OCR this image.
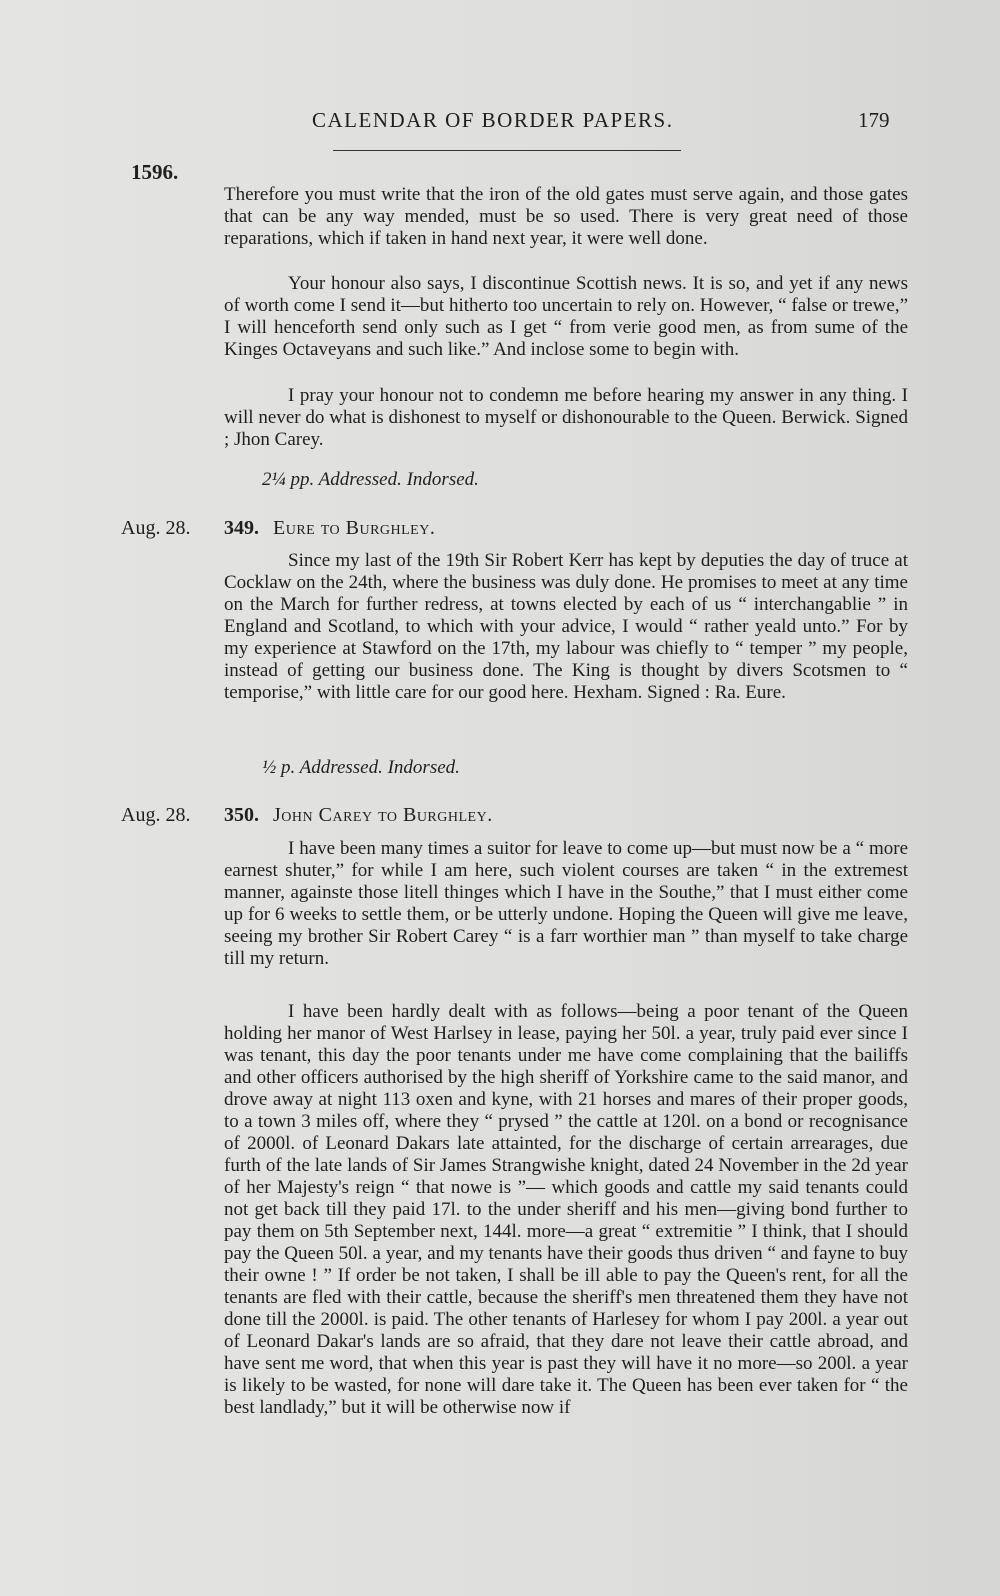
CALENDAR OF BORDER PAPERS.	179
1596.
Therefore you must write that the iron of the old gates must serve again, and those gates that can be any way mended, must be so used. There is very great need of those reparations, which if taken in hand next year, it were well done.
Your honour also says, I discontinue Scottish news. It is so, and yet if any news of worth come I send it—but hitherto too uncertain to rely on. However, “ false or trewe,” I will henceforth send only such as I get “ from verie good men, as from sume of the Kinges Octaveyans and such like.” And inclose some to begin with.
I pray your honour not to condemn me before hearing my answer in any thing. I will never do what is dishonest to myself or dishonourable to the Queen. Berwick. Signed ; Jhon Carey.
2¼ pp. Addressed. Indorsed.
Aug. 28. 349. Eure to Burghley.
Since my last of the 19th Sir Robert Kerr has kept by deputies the day of truce at Cocklaw on the 24th, where the business was duly done. He promises to meet at any time on the March for further redress, at towns elected by each of us “ interchangablie ” in England and Scotland, to which with your advice, I would “ rather yeald unto.” For by my experience at Stawford on the 17th, my labour was chiefly to “ temper ” my people, instead of getting our business done. The King is thought by divers Scotsmen to “ temporise,” with little care for our good here. Hexham. Signed : Ra. Eure.
½ p. Addressed. Indorsed.
Aug. 28. 350. John Carey to Burghley.
I have been many times a suitor for leave to come up—but must now be a “ more earnest shuter,” for while I am here, such violent courses are taken “ in the extremest manner, againste those litell thinges which I have in the Southe,” that I must either come up for 6 weeks to settle them, or be utterly undone. Hoping the Queen will give me leave, seeing my brother Sir Robert Carey “ is a farr worthier man ” than myself to take charge till my return.
I have been hardly dealt with as follows—being a poor tenant of the Queen holding her manor of West Harlsey in lease, paying her 50l. a year, truly paid ever since I was tenant, this day the poor tenants under me have come complaining that the bailiffs and other officers authorised by the high sheriff of Yorkshire came to the said manor, and drove away at night 113 oxen and kyne, with 21 horses and mares of their proper goods, to a town 3 miles off, where they “ prysed ” the cattle at 120l. on a bond or recognisance of 2000l. of Leonard Dakars late attainted, for the discharge of certain arrearages, due furth of the late lands of Sir James Strangwishe knight, dated 24 November in the 2d year of her Majesty's reign “ that nowe is ”— which goods and cattle my said tenants could not get back till they paid 17l. to the under sheriff and his men—giving bond further to pay them on 5th September next, 144l. more—a great “ extremitie ” I think, that I should pay the Queen 50l. a year, and my tenants have their goods thus driven “ and fayne to buy their owne ! ” If order be not taken, I shall be ill able to pay the Queen's rent, for all the tenants are fled with their cattle, because the sheriff's men threatened them they have not done till the 2000l. is paid. The other tenants of Harlesey for whom I pay 200l. a year out of Leonard Dakar's lands are so afraid, that they dare not leave their cattle abroad, and have sent me word, that when this year is past they will have it no more—so 200l. a year is likely to be wasted, for none will dare take it. The Queen has been ever taken for “ the best landlady,” but it will be otherwise now if
